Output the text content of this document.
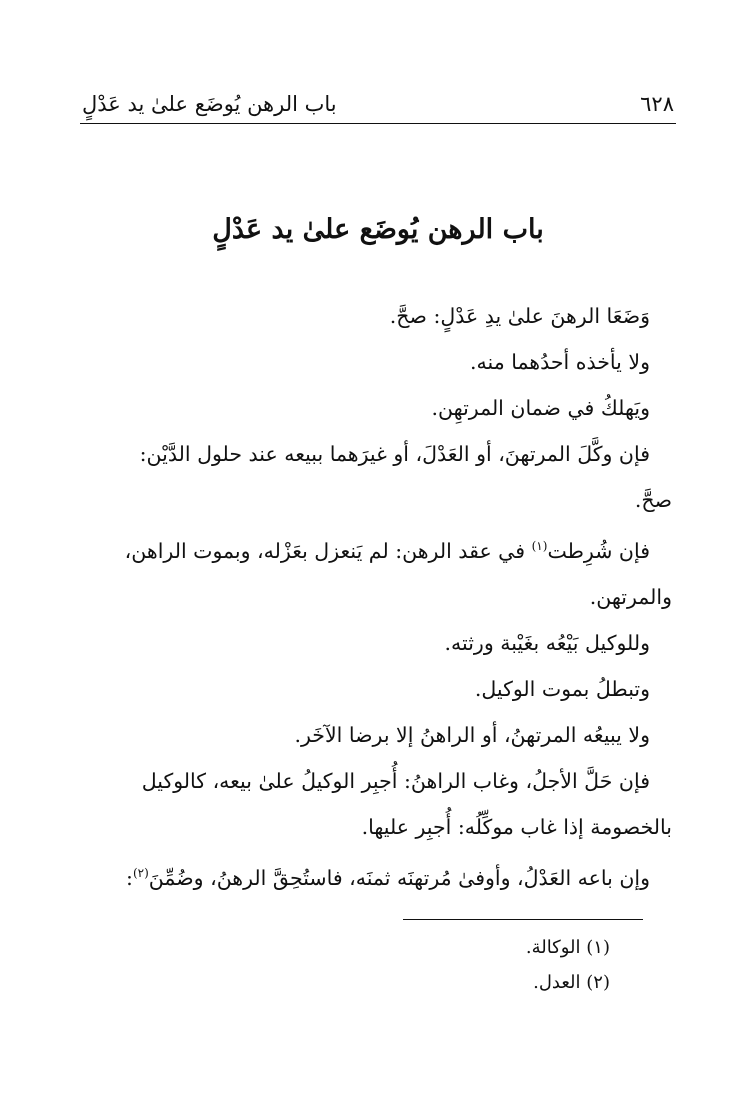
٦٢٨
باب الرهن يُوضَع علىٰ يد عَدْلٍ
باب الرهن يُوضَع علىٰ يد عَدْلٍ

وَضَعَا الرهنَ علىٰ يدِ عَدْلٍ: صحَّ.

ولا يأخذه أحدُهما منه.

ويَهلكُ في ضمان المرتهِن.

فإن وكَّلَ المرتهنَ، أو العَدْلَ، أو غيرَهما ببيعه عند حلول الدَّيْن:
صحَّ.

فإن شُرِطت$^{(١)}$ في عقد الرهن: لم يَنعزل بعَزْله، وبموت الراهن،
والمرتهن.

وللوكيل بَيْعُه بغَيْبة ورثته.

وتبطلُ بموت الوكيل.

ولا يبيعُه المرتهنُ، أو الراهنُ إلا برضا الآخَر.

فإن حَلَّ الأجلُ، وغاب الراهنُ: أُجبِر الوكيلُ علىٰ بيعه، كالوكيل
بالخصومة إذا غاب موكِّلُه: أُجبِر عليها.

وإن باعه العَدْلُ، وأوفىٰ مُرتهنَه ثمنَه، فاستُحِقَّ الرهنُ، وضُمِّنَ$^{(٢)}$:

(١) الوكالة.
(٢) العدل.
